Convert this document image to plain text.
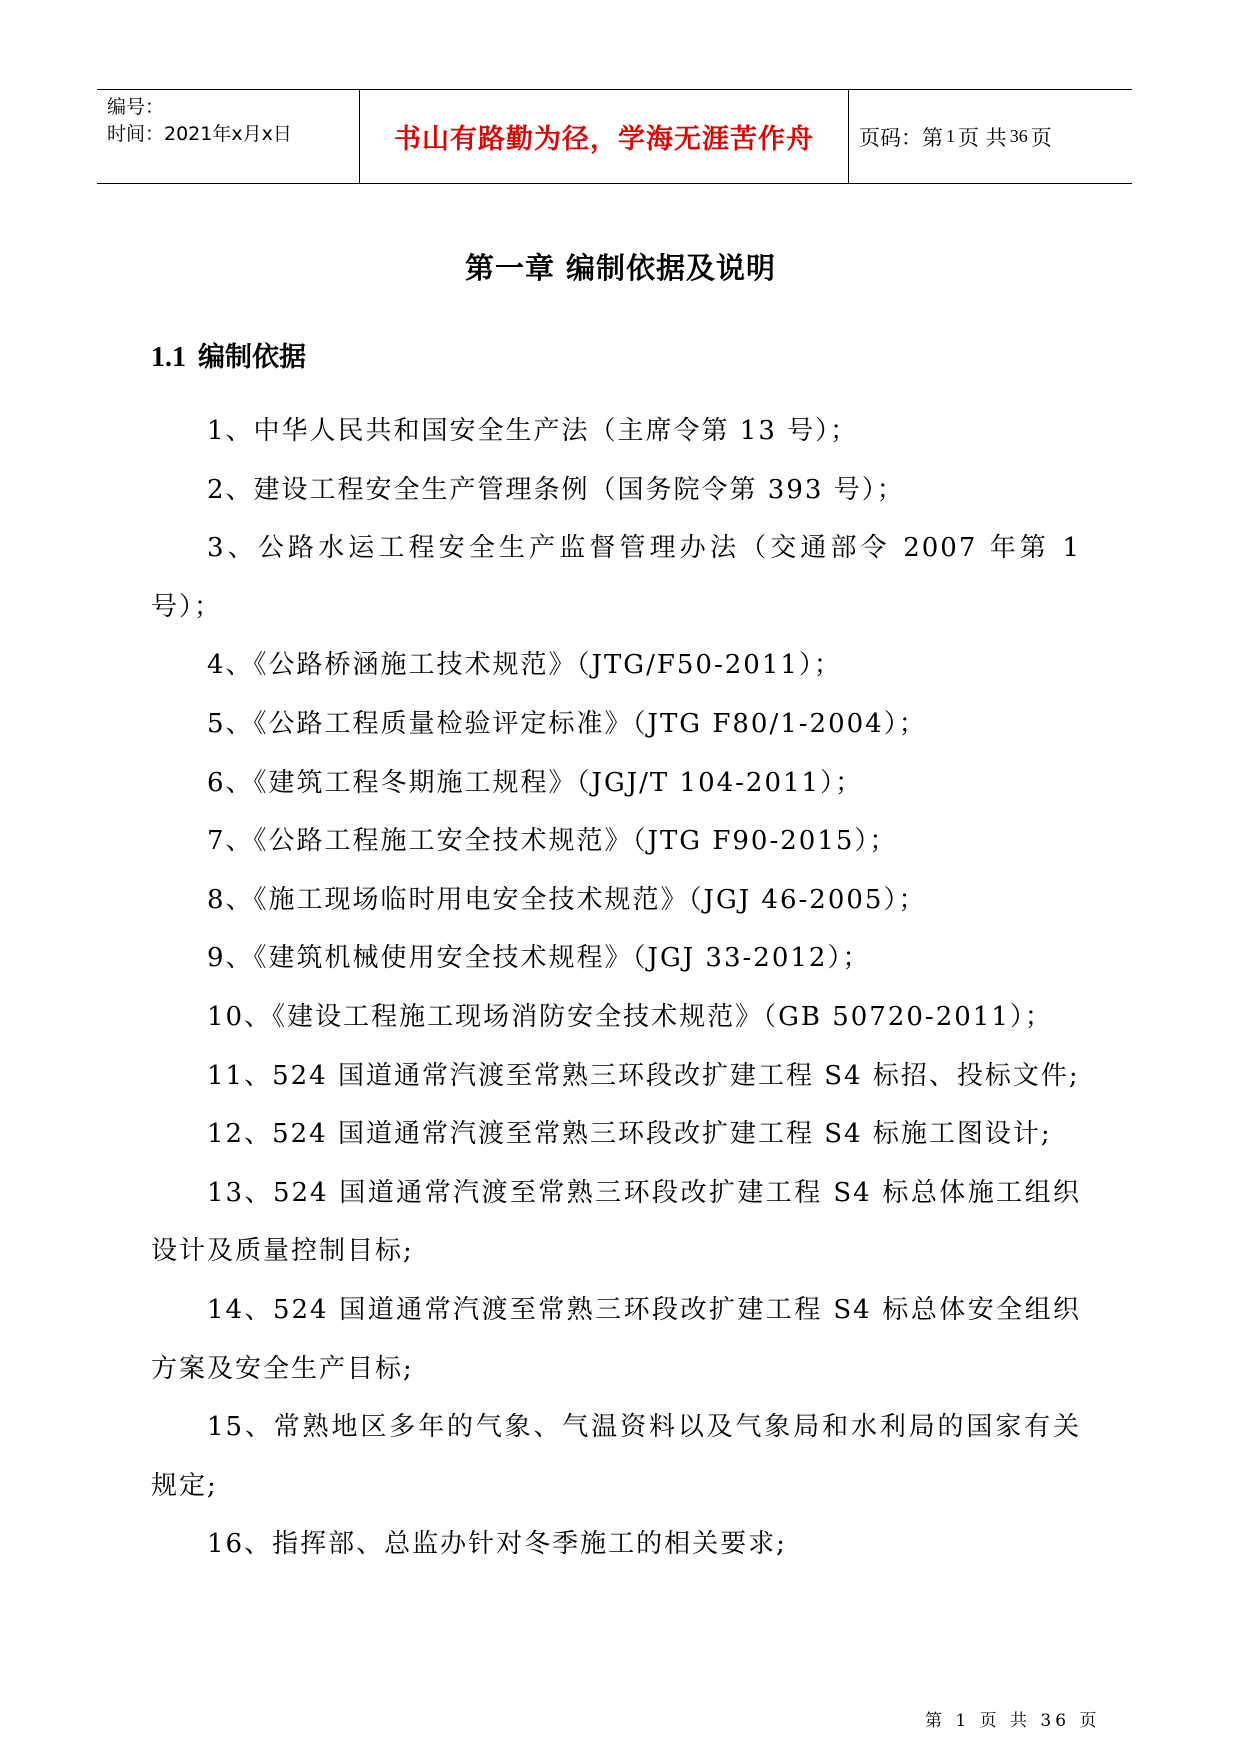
编号：
时间：2021年x月x日	书山有路勤为径，学海无涯苦作舟	页码：第 1 页 共 36 页
第一章 编制依据及说明
1.1 编制依据
1、中华人民共和国安全生产法（主席令第 13 号）；
2、建设工程安全生产管理条例（国务院令第 393 号）；
3、公路水运工程安全生产监督管理办法（交通部令 2007 年第 1 号）；
4、《公路桥涵施工技术规范》（JTG/F50-2011）；
5、《公路工程质量检验评定标准》（JTG F80/1-2004）；
6、《建筑工程冬期施工规程》（JGJ/T 104-2011）；
7、《公路工程施工安全技术规范》（JTG F90-2015）；
8、《施工现场临时用电安全技术规范》（JGJ 46-2005）；
9、《建筑机械使用安全技术规程》（JGJ 33-2012）；
10、《建设工程施工现场消防安全技术规范》（GB 50720-2011）；
11、524 国道通常汽渡至常熟三环段改扩建工程 S4 标招、投标文件;
12、524 国道通常汽渡至常熟三环段改扩建工程 S4 标施工图设计;
13、524 国道通常汽渡至常熟三环段改扩建工程 S4 标总体施工组织设计及质量控制目标;
14、524 国道通常汽渡至常熟三环段改扩建工程 S4 标总体安全组织方案及安全生产目标;
15、常熟地区多年的气象、气温资料以及气象局和水利局的国家有关规定;
16、指挥部、总监办针对冬季施工的相关要求;
第 1 页 共 36 页
